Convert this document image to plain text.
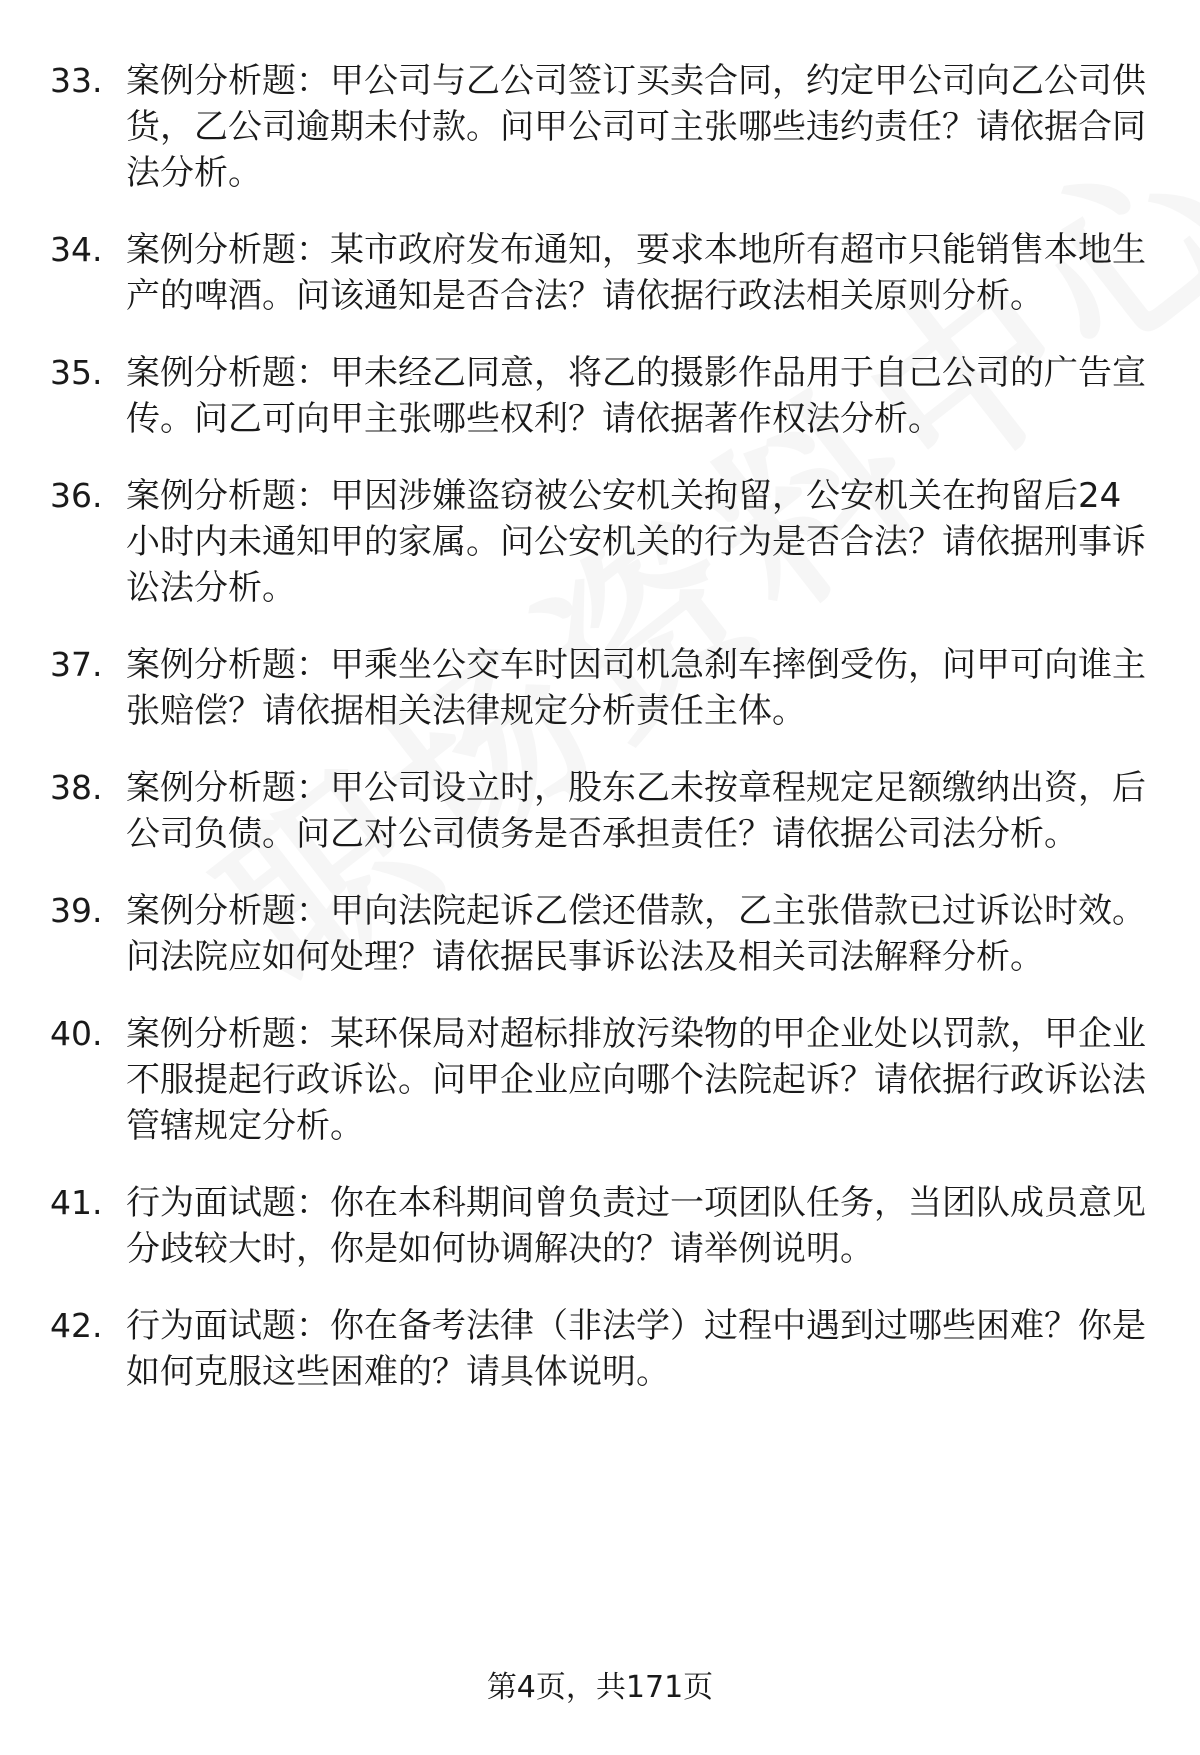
33. 案例分析题：甲公司与乙公司签订买卖合同，约定甲公司向乙公司供货，乙公司逾期未付款。问甲公司可主张哪些违约责任？请依据合同法分析。
34. 案例分析题：某市政府发布通知，要求本地所有超市只能销售本地生产的啤酒。问该通知是否合法？请依据行政法相关原则分析。
35. 案例分析题：甲未经乙同意，将乙的摄影作品用于自己公司的广告宣传。问乙可向甲主张哪些权利？请依据著作权法分析。
36. 案例分析题：甲因涉嫌盗窃被公安机关拘留，公安机关在拘留后24小时内未通知甲的家属。问公安机关的行为是否合法？请依据刑事诉讼法分析。
37. 案例分析题：甲乘坐公交车时因司机急刹车摔倒受伤，问甲可向谁主张赔偿？请依据相关法律规定分析责任主体。
38. 案例分析题：甲公司设立时，股东乙未按章程规定足额缴纳出资，后公司负债。问乙对公司债务是否承担责任？请依据公司法分析。
39. 案例分析题：甲向法院起诉乙偿还借款，乙主张借款已过诉讼时效。问法院应如何处理？请依据民事诉讼法及相关司法解释分析。
40. 案例分析题：某环保局对超标排放污染物的甲企业处以罚款，甲企业不服提起行政诉讼。问甲企业应向哪个法院起诉？请依据行政诉讼法管辖规定分析。
41. 行为面试题：你在本科期间曾负责过一项团队任务，当团队成员意见分歧较大时，你是如何协调解决的？请举例说明。
42. 行为面试题：你在备考法律（非法学）过程中遇到过哪些困难？你是如何克服这些困难的？请具体说明。
第4页，共171页
